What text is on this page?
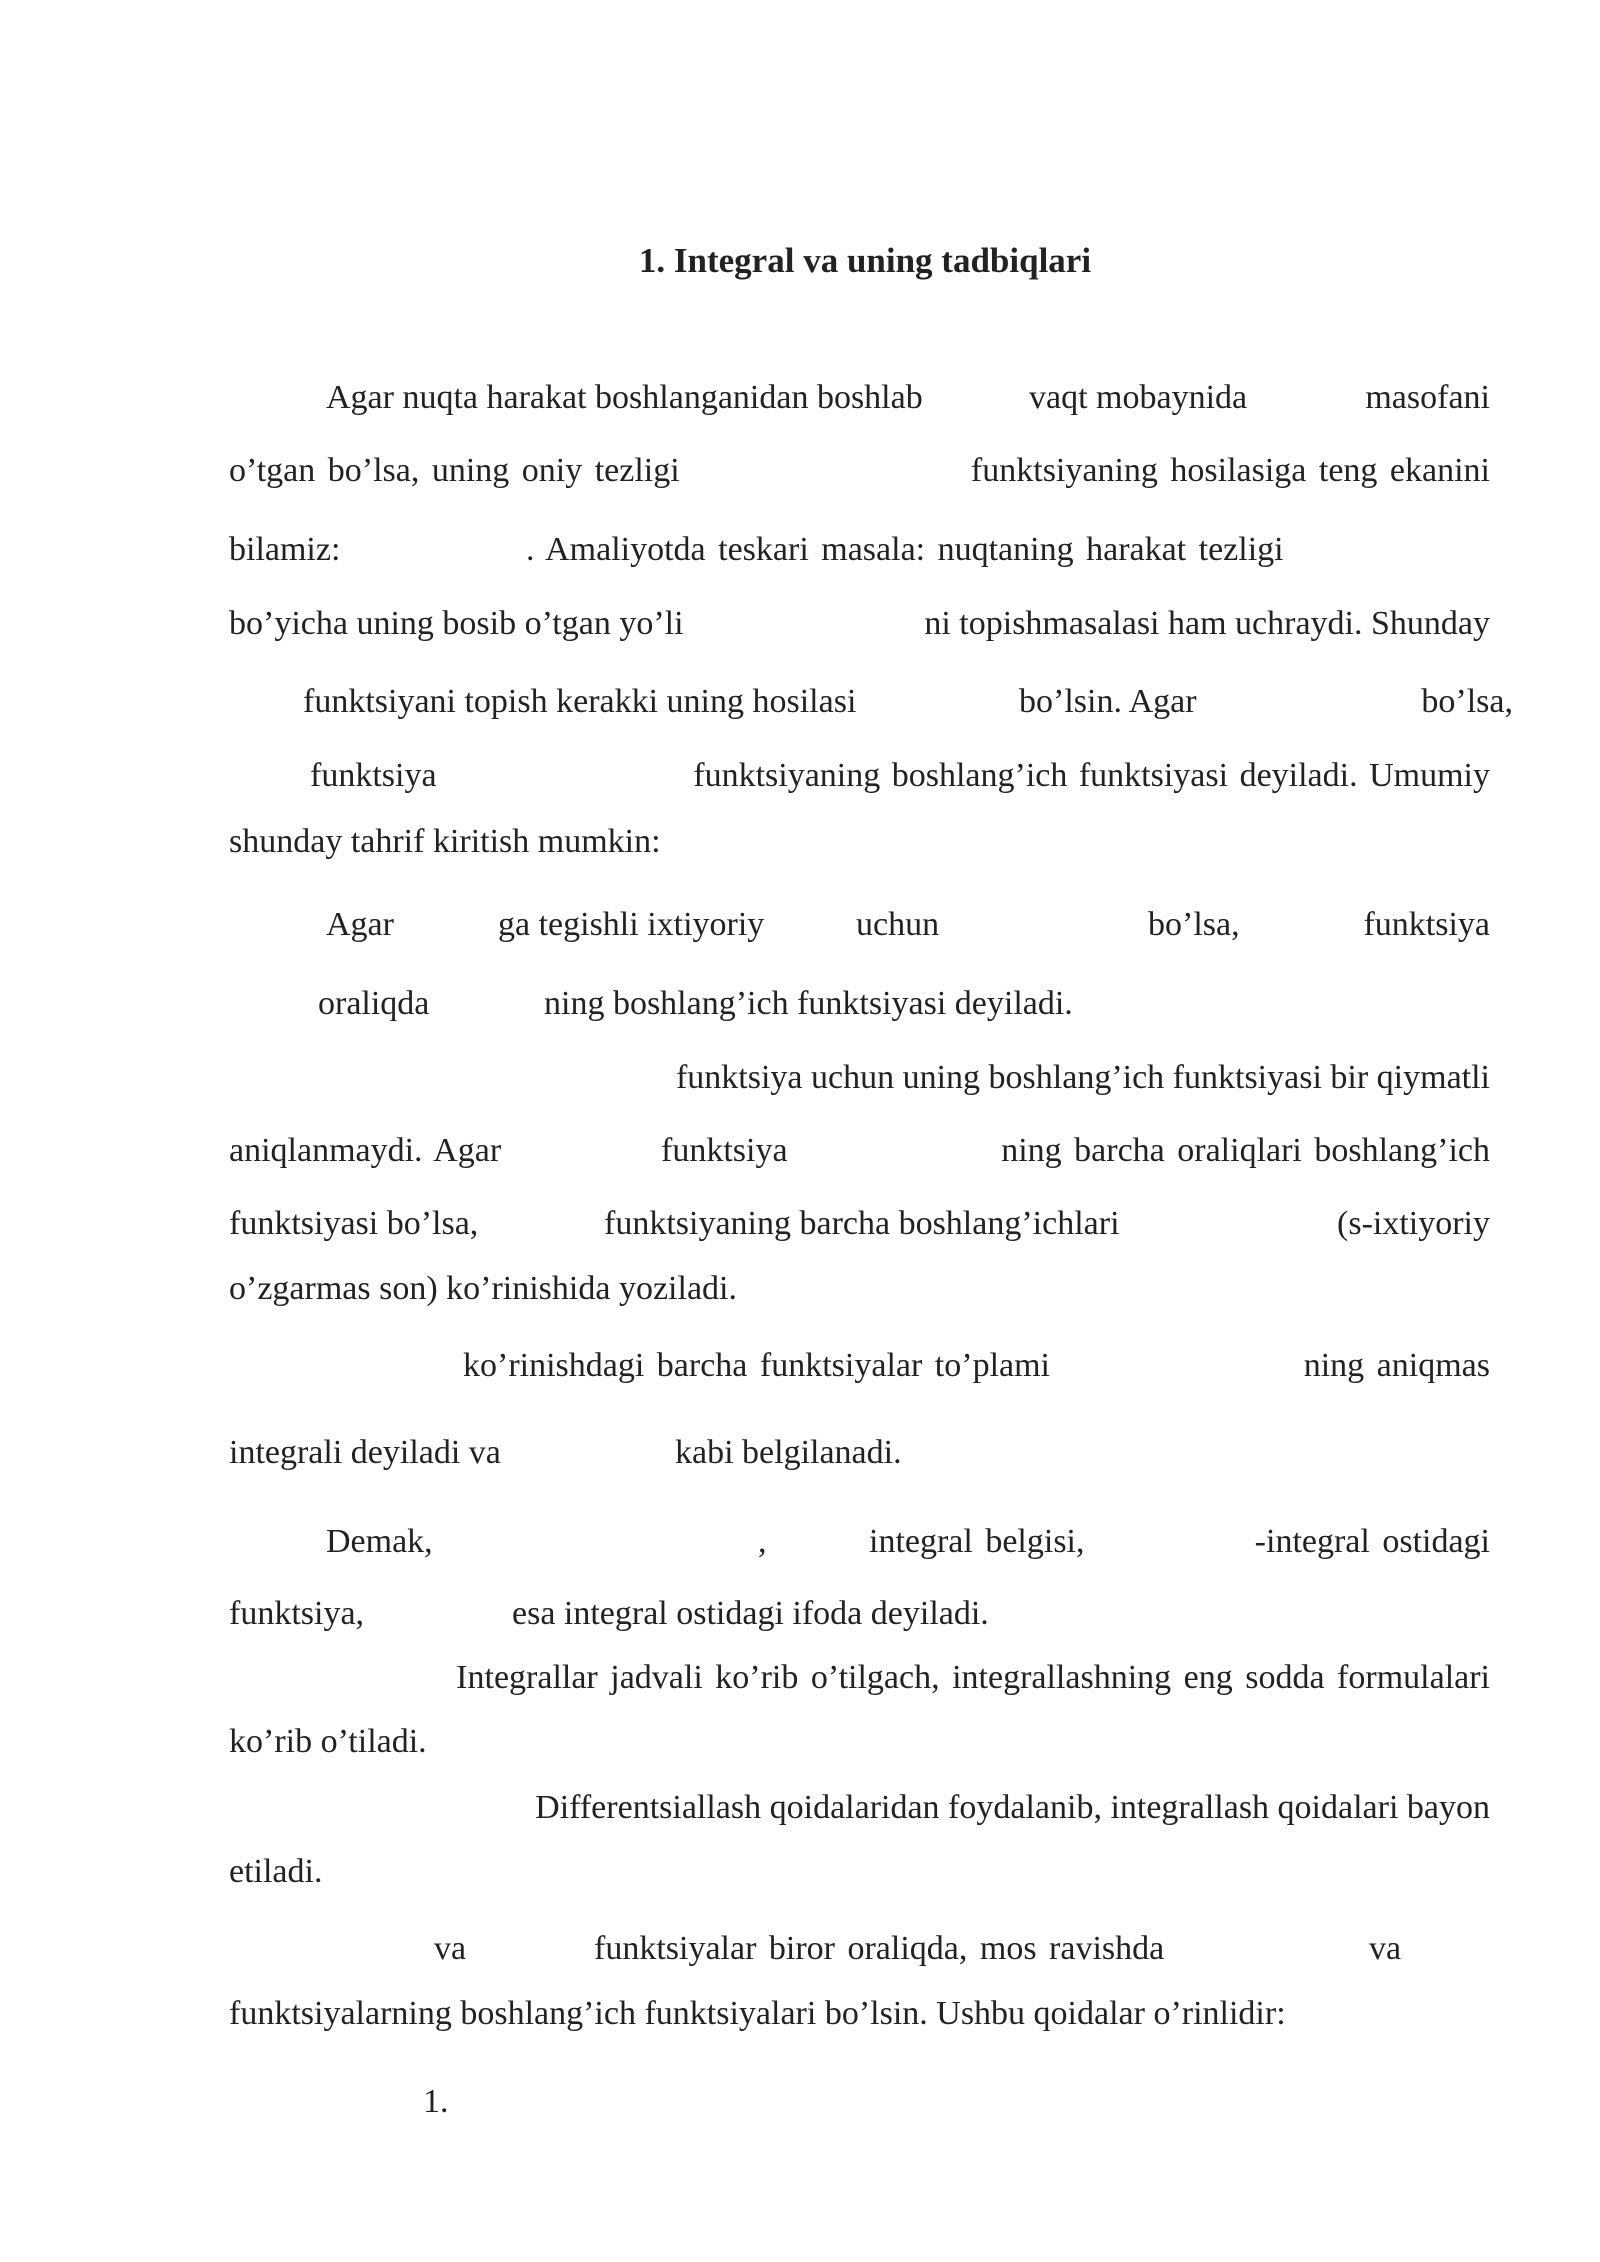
1. Integral va uning tadbiqlari
Agar nuqta harakat boshlanganidan boshlab	vaqt mobaynida	masofani
o’tgan bo’lsa, uning oniy tezligi	funktsiyaning hosilasiga teng ekanini
bilamiz:	. Amaliyotda teskari masala: nuqtaning harakat tezligi
bo’yicha uning bosib o’tgan yo’li	ni topishmasalasi ham uchraydi. Shunday
funktsiyani topish kerakki uning hosilasi	bo’lsin. Agar	bo’lsa,
funktsiya	funktsiyaning boshlang’ich funktsiyasi deyiladi. Umumiy
shunday tahrif kiritish mumkin:
Agar	ga tegishli ixtiyoriy	uchun	bo’lsa,	funktsiya
oraliqda	ning boshlang’ich funktsiyasi deyiladi.
funktsiya uchun uning boshlang’ich funktsiyasi bir qiymatli
aniqlanmaydi. Agar	funktsiya	ning barcha oraliqlari boshlang’ich
funktsiyasi bo’lsa,	funktsiyaning barcha boshlang’ichlari	(s-ixtiyoriy
o’zgarmas son) ko’rinishida yoziladi.
ko’rinishdagi barcha funktsiyalar to’plami	ning aniqmas
integrali deyiladi va	kabi belgilanadi.
Demak,	,	integral belgisi,	-integral ostidagi
funktsiya,	esa integral ostidagi ifoda deyiladi.
Integrallar jadvali ko’rib o’tilgach, integrallashning eng sodda formulalari
ko’rib o’tiladi.
Differentsiallash qoidalaridan foydalanib, integrallash qoidalari bayon
etiladi.
va	funktsiyalar biror oraliqda, mos ravishda	va
funktsiyalarning boshlang’ich funktsiyalari bo’lsin. Ushbu qoidalar o’rinlidir:
1.
